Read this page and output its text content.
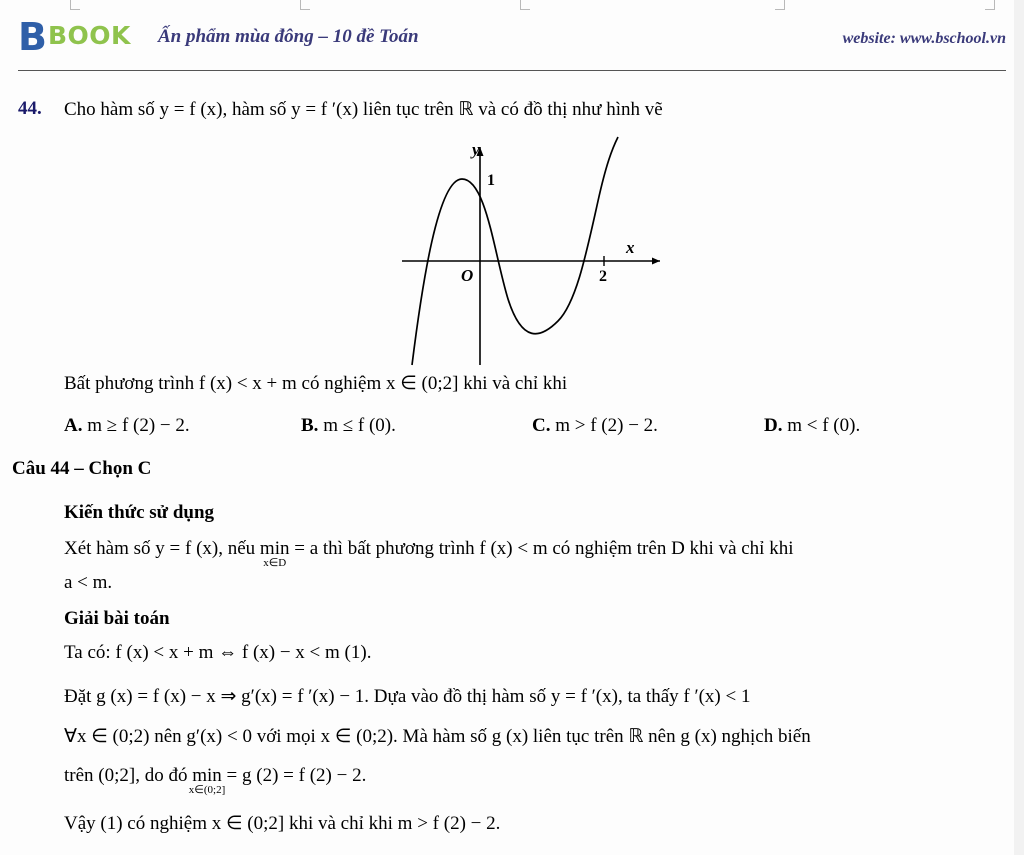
B BOOK Ấn phẩm mùa đông – 10 đề Toán	website: www.bschool.vn
44. Cho hàm số y = f (x), hàm số y = f ′(x) liên tục trên ℝ và có đồ thị như hình vẽ
y
x
1
O	2
Bất phương trình f (x) < x + m có nghiệm x ∈ (0;2] khi và chỉ khi
A. m ≥ f (2) − 2.	B. m ≤ f (0).	C. m > f (2) − 2.	D. m < f (0).
Câu 44 – Chọn C
Kiến thức sử dụng
Xét hàm số y = f (x), nếu min
x∈D
= a thì bất phương trình f (x) < m có nghiệm trên D khi và chỉ khi
a < m.
Giải bài toán
Ta có: f (x) < x + m ⇔ f (x) − x < m (1).
Đặt g (x) = f (x) − x ⇒ g′(x) = f ′(x) − 1. Dựa vào đồ thị hàm số y = f ′(x), ta thấy f ′(x) < 1
∀x ∈ (0;2) nên g′(x) < 0 với mọi x ∈ (0;2). Mà hàm số g (x) liên tục trên ℝ nên g (x) nghịch biến
trên (0;2], do đó min
x∈(0;2]
= g (2) = f (2) − 2.
Vậy (1) có nghiệm x ∈ (0;2] khi và chỉ khi m > f (2) − 2.
